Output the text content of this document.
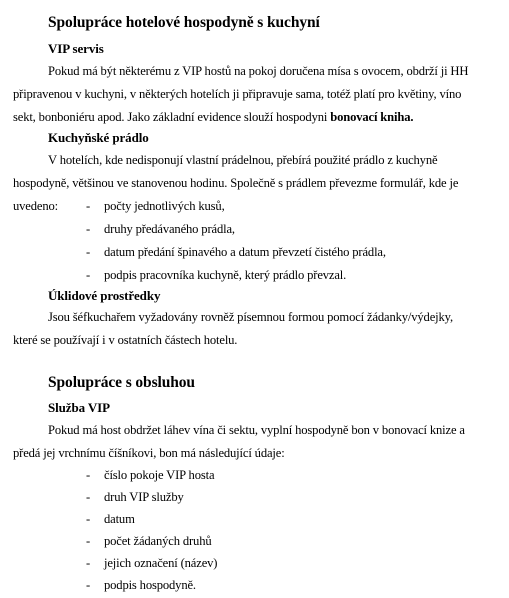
Spolupráce hotelové hospodyně s kuchyní
VIP servis
Pokud má být některému z VIP hostů na pokoj doručena mísa s ovocem, obdrží ji HH
připravenou v kuchyni, v některých hotelích ji připravuje sama, totéž platí pro květiny, víno
sekt, bonboniéru apod. Jako základní evidence slouží hospodyni bonovací kniha.
Kuchyňské prádlo
V hotelích, kde nedisponují vlastní prádelnou, přebírá použité prádlo z kuchyně
hospodyně, většinou ve stanovenou hodinu. Společně s prádlem převezme formulář, kde je
uvedeno: - počty jednotlivých kusů,
- druhy předávaného prádla,
- datum předání špinavého a datum převzetí čistého prádla,
- podpis pracovníka kuchyně, který prádlo převzal.
Úklidové prostředky
Jsou šéfkuchařem vyžadovány rovněž písemnou formou pomocí žádanky/výdejky,
které se používají i v ostatních částech hotelu.
Spolupráce s obsluhou
Služba VIP
Pokud má host obdržet láhev vína či sektu, vyplní hospodyně bon v bonovací knize a
předá jej vrchnímu číšníkovi, bon má následující údaje:
- číslo pokoje VIP hosta
- druh VIP služby
- datum
- počet žádaných druhů
- jejich označení (název)
- podpis hospodyně.
